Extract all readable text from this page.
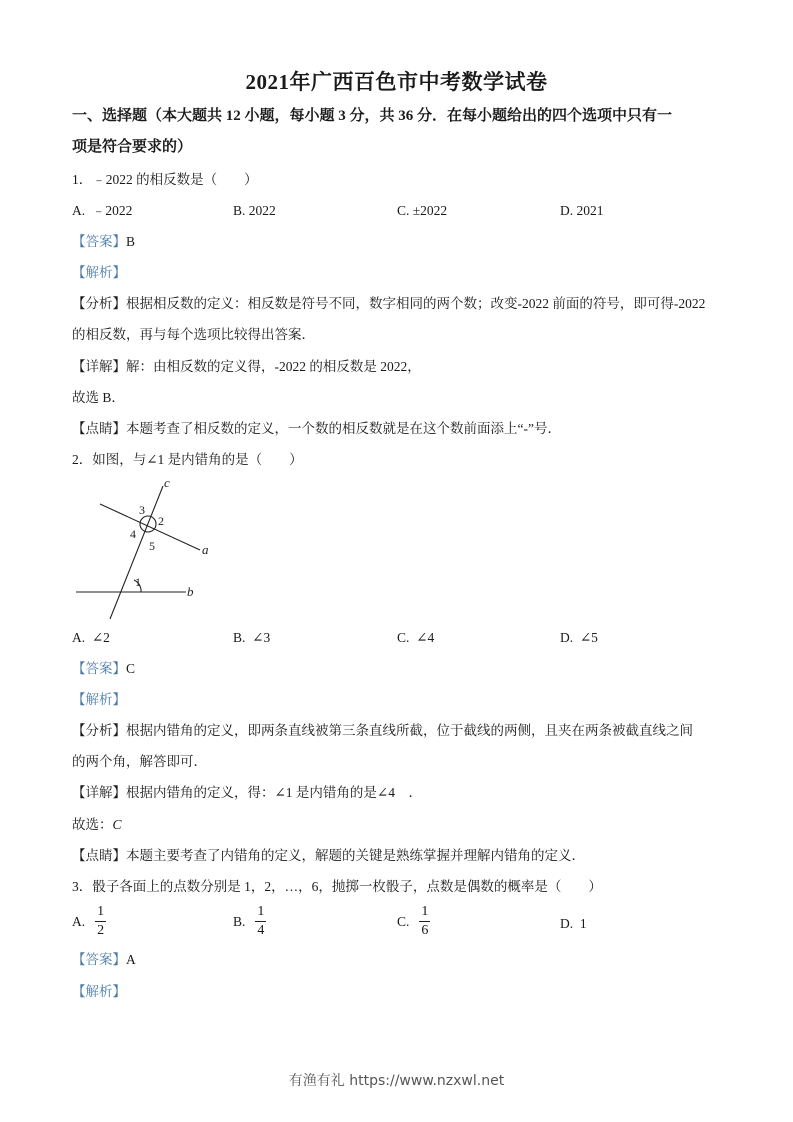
2021年广西百色市中考数学试卷
一、选择题（本大题共 12 小题，每小题 3 分，共 36 分．在每小题给出的四个选项中只有一
项是符合要求的）
1．﹣2022 的相反数是（　　）
A. ﹣2022	B. 2022	C. ±2022	D. 2021
【答案】B
【解析】
【分析】根据相反数的定义：相反数是符号不同，数字相同的两个数；改变-2022 前面的符号，即可得-2022
的相反数，再与每个选项比较得出答案．
【详解】解：由相反数的定义得，-2022 的相反数是 2022，
故选 B．
【点睛】本题考查了相反数的定义，一个数的相反数就是在这个数前面添上“-”号．
2．如图，与∠1 是内错角的是（　　）
c
a
b
1
2
3
4
5
A. ∠2	B. ∠3	C. ∠4	D. ∠5
【答案】C
【解析】
【分析】根据内错角的定义，即两条直线被第三条直线所截，位于截线的两侧，且夹在两条被截直线之间
的两个角，解答即可．
【详解】根据内错角的定义，得：∠1 是内错角的是∠4　．
故选：C
【点睛】本题主要考查了内错角的定义，解题的关键是熟练掌握并理解内错角的定义．
3．骰子各面上的点数分别是 1，2，…，6，抛掷一枚骰子，点数是偶数的概率是（　　）
A. $\frac{1}{2}$	B. $\frac{1}{4}$	C. $\frac{1}{6}$	D. 1
【答案】A
【解析】
有渔有礼 https://www.nzxwl.net
